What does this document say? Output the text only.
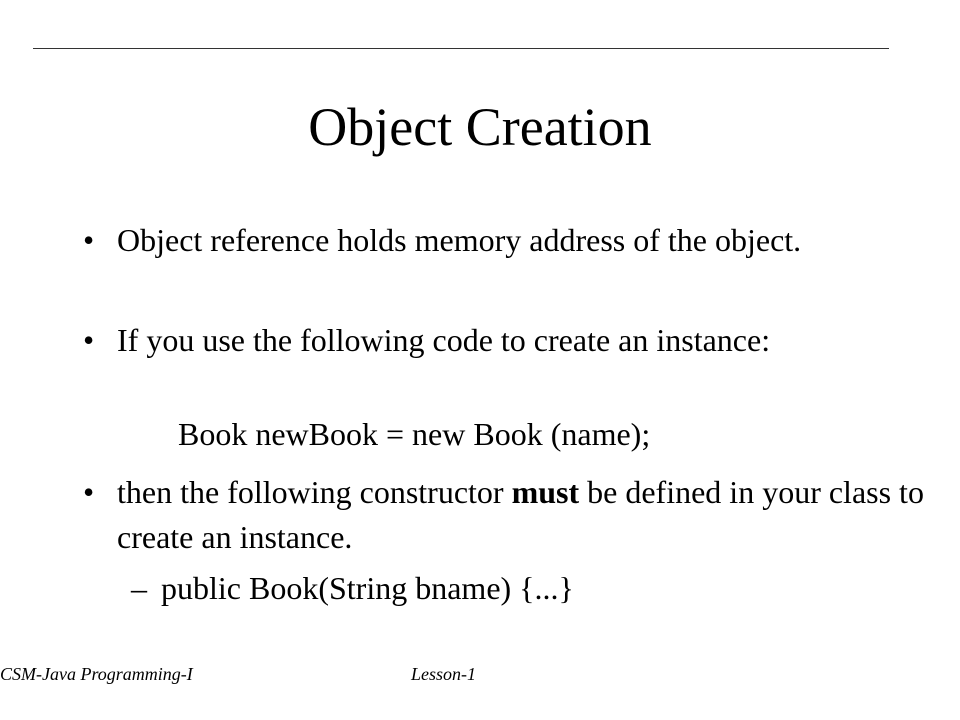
Object Creation
• Object reference holds memory address of the object.
• If you use the following code to create an instance:
Book newBook = new Book (name);
• then the following constructor must be defined in your class to create an instance.
– public Book(String bname) {...}
CSM-Java Programming-I	Lesson-1
